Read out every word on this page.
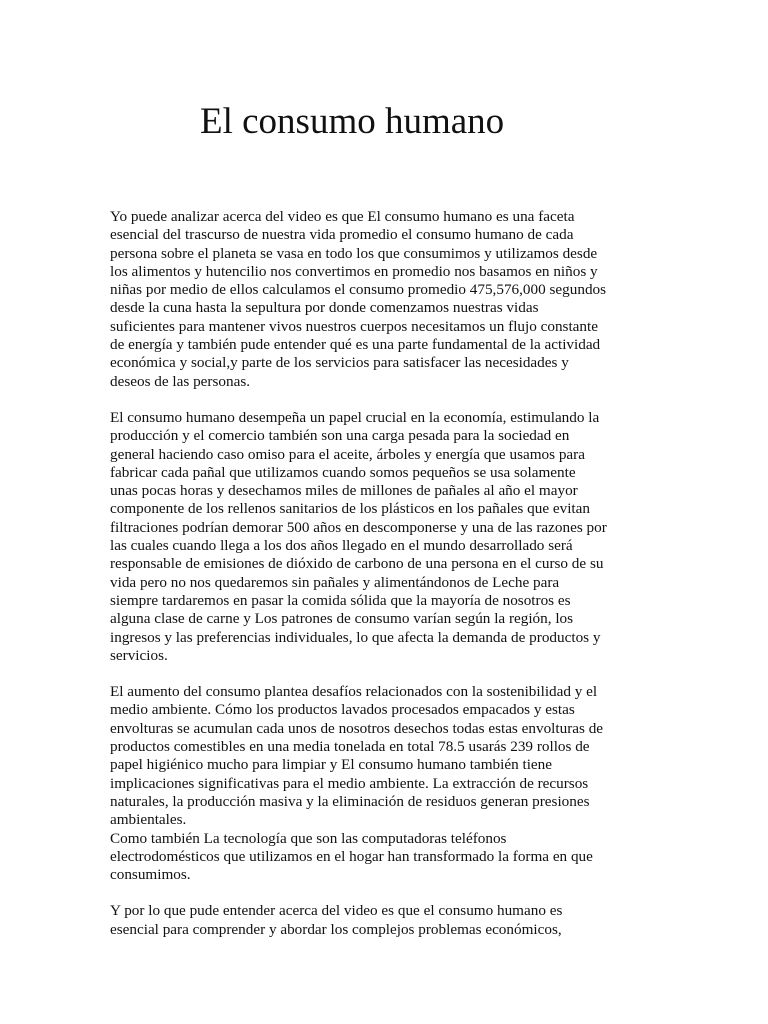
El consumo humano

Yo puede analizar acerca del video es que El consumo humano es una faceta
esencial del trascurso de nuestra vida promedio el consumo humano de cada
persona sobre el planeta se vasa en todo los que consumimos y utilizamos desde
los alimentos y hutencilio nos convertimos en promedio nos basamos en niños y
niñas por medio de ellos calculamos el consumo promedio 475,576,000 segundos
desde la cuna hasta la sepultura por donde comenzamos nuestras vidas
suficientes para mantener vivos nuestros cuerpos necesitamos un flujo constante
de energía y también pude entender qué es una parte fundamental de la actividad
económica y social,y parte de los servicios para satisfacer las necesidades y
deseos de las personas.

El consumo humano desempeña un papel crucial en la economía, estimulando la
producción y el comercio también son una carga pesada para la sociedad en
general haciendo caso omiso para el aceite, árboles y energía que usamos para
fabricar cada pañal que utilizamos cuando somos pequeños se usa solamente
unas pocas horas y desechamos miles de millones de pañales al año el mayor
componente de los rellenos sanitarios de los plásticos en los pañales que evitan
filtraciones podrían demorar 500 años en descomponerse y una de las razones por
las cuales cuando llega a los dos años llegado en el mundo desarrollado será
responsable de emisiones de dióxido de carbono de una persona en el curso de su
vida pero no nos quedaremos sin pañales y alimentándonos de Leche para
siempre tardaremos en pasar la comida sólida que la mayoría de nosotros es
alguna clase de carne y Los patrones de consumo varían según la región, los
ingresos y las preferencias individuales, lo que afecta la demanda de productos y
servicios.

El aumento del consumo plantea desafíos relacionados con la sostenibilidad y el
medio ambiente. Cómo los productos lavados procesados empacados y estas
envolturas se acumulan cada unos de nosotros desechos todas estas envolturas de
productos comestibles en una media tonelada en total 78.5 usarás 239 rollos de
papel higiénico mucho para limpiar y El consumo humano también tiene
implicaciones significativas para el medio ambiente. La extracción de recursos
naturales, la producción masiva y la eliminación de residuos generan presiones
ambientales.
Como también La tecnología que son las computadoras teléfonos
electrodomésticos que utilizamos en el hogar han transformado la forma en que
consumimos.

Y por lo que pude entender acerca del video es que el consumo humano es
esencial para comprender y abordar los complejos problemas económicos,
